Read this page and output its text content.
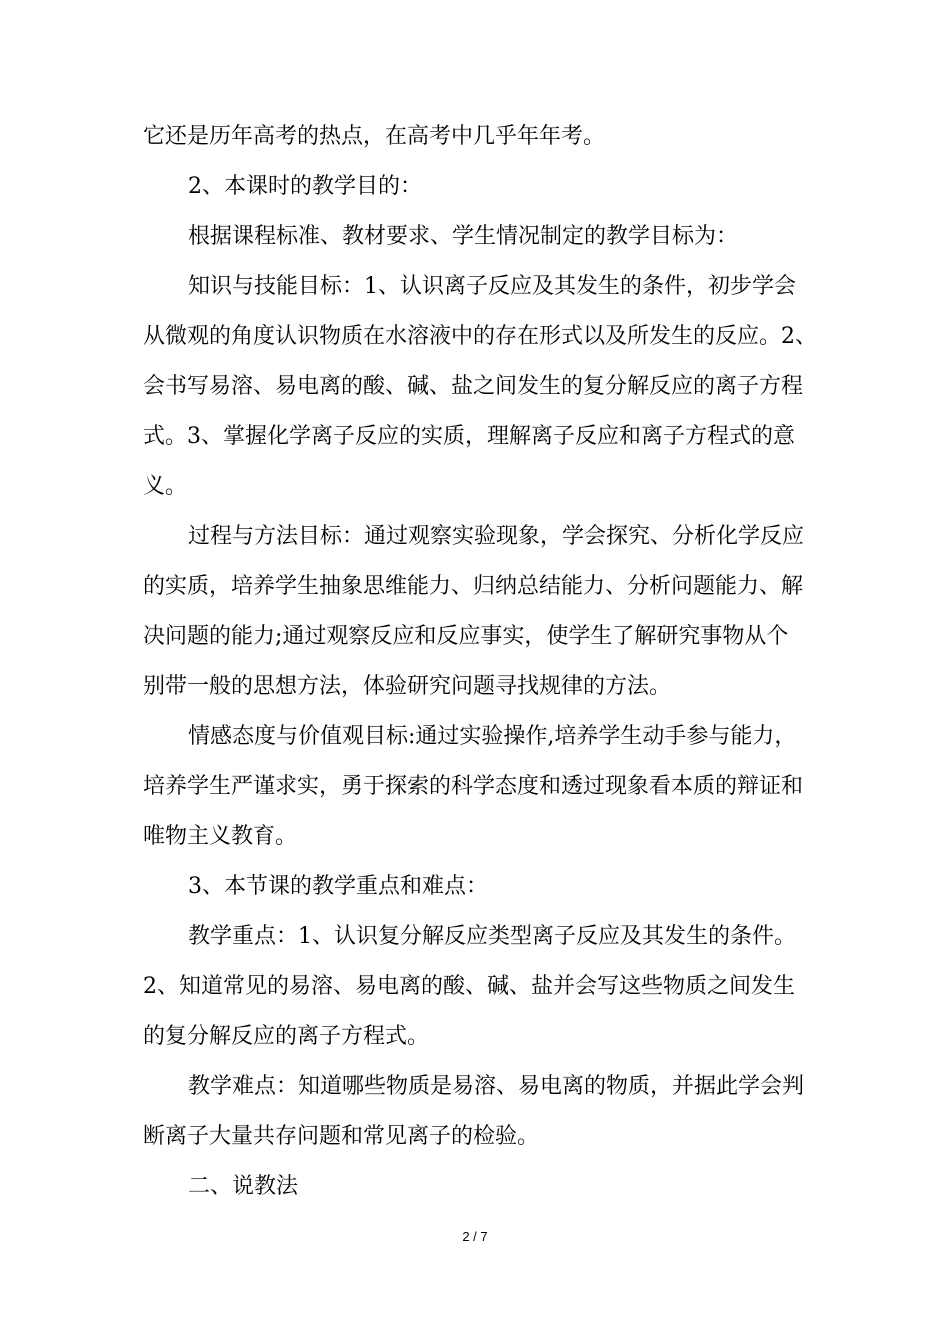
它还是历年高考的热点，在高考中几乎年年考。
2、本课时的教学目的：
根据课程标准、教材要求、学生情况制定的教学目标为：
知识与技能目标：1、认识离子反应及其发生的条件，初步学会
从微观的角度认识物质在水溶液中的存在形式以及所发生的反应。2、
会书写易溶、易电离的酸、碱、盐之间发生的复分解反应的离子方程
式。3、掌握化学离子反应的实质，理解离子反应和离子方程式的意
义。
过程与方法目标：通过观察实验现象，学会探究、分析化学反应
的实质，培养学生抽象思维能力、归纳总结能力、分析问题能力、解
决问题的能力;通过观察反应和反应事实，使学生了解研究事物从个
别带一般的思想方法，体验研究问题寻找规律的方法。
情感态度与价值观目标:通过实验操作,培养学生动手参与能力，
培养学生严谨求实，勇于探索的科学态度和透过现象看本质的辩证和
唯物主义教育。
3、本节课的教学重点和难点：
教学重点：1、认识复分解反应类型离子反应及其发生的条件。
2、知道常见的易溶、易电离的酸、碱、盐并会写这些物质之间发生
的复分解反应的离子方程式。
教学难点：知道哪些物质是易溶、易电离的物质，并据此学会判
断离子大量共存问题和常见离子的检验。
二、说教法
2 / 7
